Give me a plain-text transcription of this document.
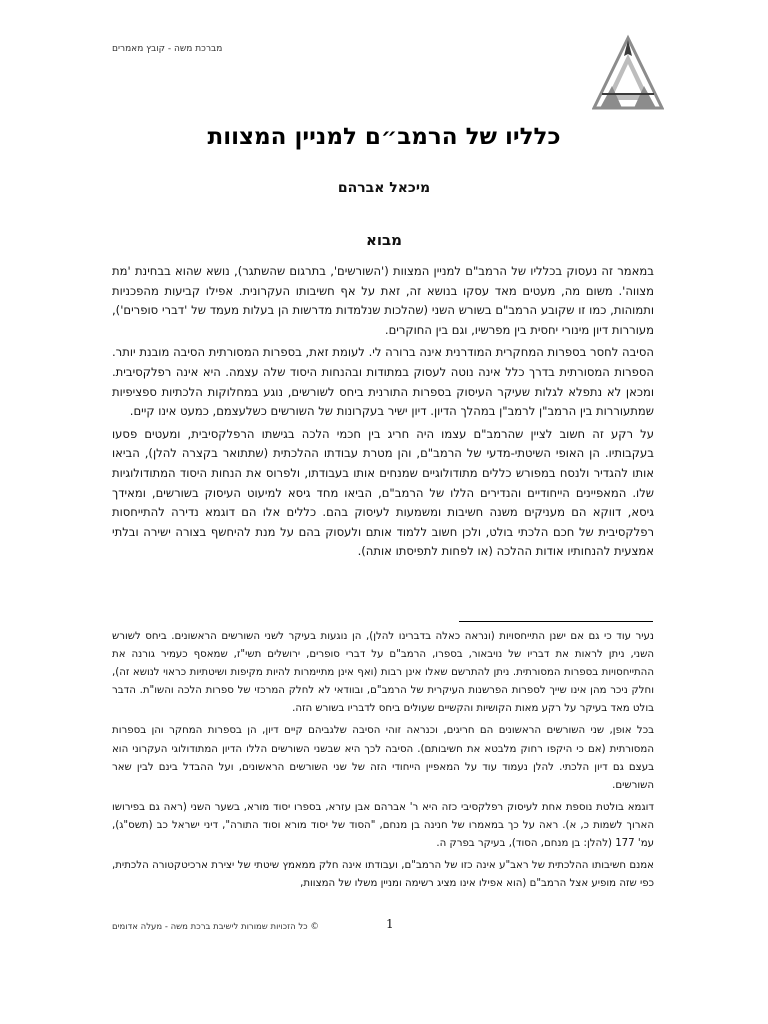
מברכת משה - קובץ מאמרים
כלליו של הרמב״ם למניין המצוות
מיכאל אברהם
מבוא

במאמר זה נעסוק בכלליו של הרמב"ם למניין המצוות ('השורשים', בתרגום שהשתגר), נושא שהוא בבחינת 'מת מצווה'. משום מה, מעטים מאד עסקו בנושא זה, זאת על אף חשיבותו העקרונית. אפילו קביעות מהפכניות ותמוהות, כמו זו שקובע הרמב"ם בשורש השני (שהלכות שנלמדות מדרשות הן בעלות מעמד של 'דברי סופרים'), מעוררות דיון מינורי יחסית בין מפרשיו, וגם בין החוקרים.

הסיבה לחסר בספרות המחקרית המודרנית אינה ברורה לי. לעומת זאת, בספרות המסורתית הסיבה מובנת יותר. הספרות המסורתית בדרך כלל אינה נוטה לעסוק במתודות ובהנחות היסוד שלה עצמה. היא אינה רפלקסיבית. ומכאן לא נתפלא לגלות שעיקר העיסוק בספרות התורנית ביחס לשורשים, נוגע במחלוקות הלכתיות ספציפיות שמתעוררות בין הרמב"ן לרמב"ן במהלך הדיון. דיון ישיר בעקרונות של השורשים כשלעצמם, כמעט אינו קיים.

על רקע זה חשוב לציין שהרמב"ם עצמו היה חריג בין חכמי הלכה בגישתו הרפלקסיבית, ומעטים פסעו בעקבותיו. הן האופי השיטתי-מדעי של הרמב"ם, והן מטרת עבודתו ההלכתית (שתתואר בקצרה להלן), הביאו אותו להגדיר ולנסח במפורש כללים מתודולוגיים שמנחים אותו בעבודתו, ולפרוס את הנחות היסוד המתודולוגיות שלו. המאפיינים הייחודיים והנדירים הללו של הרמב"ם, הביאו מחד גיסא למיעוט העיסוק בשורשים, ומאידך גיסא, דווקא הם מעניקים משנה חשיבות ומשמעות לעיסוק בהם. כללים אלו הם דוגמא נדירה להתייחסות רפלקסיבית של חכם הלכתי בולט, ולכן חשוב ללמוד אותם ולעסוק בהם על מנת להיחשף בצורה ישירה ובלתי אמצעית להנחותיו אודות ההלכה (או לפחות לתפיסתו אותה).

נעיר עוד כי גם אם ישנן התייחסויות (ונראה כאלה בדברינו להלן), הן נוגעות בעיקר לשני השורשים הראשונים. ביחס לשורש השני, ניתן לראות את דבריו של נויבאור, בספרו, הרמב"ם על דברי סופרים, ירושלים תשי"ז, שמאסף כעמיר גורנה את ההתייחסויות בספרות המסורתית. ניתן להתרשם שאלו אינן רבות (ואף אינן מתיימרות להיות מקיפות ושיטתיות כראוי לנושא זה), וחלק ניכר מהן אינו שייך לספרות הפרשנות העיקרית של הרמב"ם, ובוודאי לא לחלק המרכזי של ספרות הלכה והשו"ת. הדבר בולט מאד בעיקר על רקע מאות הקושיות והקשיים שעולים ביחס לדבריו בשורש הזה.

בכל אופן, שני השורשים הראשונים הם חריגים, וכנראה זוהי הסיבה שלגביהם קיים דיון, הן בספרות המחקר והן בספרות המסורתית (אם כי היקפו רחוק מלבטא את חשיבותם). הסיבה לכך היא שבשני השורשים הללו הדיון המתודולוגי העקרוני הוא בעצם גם דיון הלכתי. להלן נעמוד עוד על המאפיין הייחודי הזה של שני השורשים הראשונים, ועל ההבדל בינם לבין שאר השורשים.

דוגמא בולטת נוספת אחת לעיסוק רפלקסיבי כזה היא ר' אברהם אבן עזרא, בספרו יסוד מורא, בשער השני (ראה גם בפירושו הארוך לשמות כ, א). ראה על כך במאמרו של חנינה בן מנחם, "הסוד של יסוד מורא וסוד התורה", דיני ישראל כב (תשס"ג), עמ' 177 (להלן: בן מנחם, הסוד), בעיקר בפרק ה.

אמנם חשיבותו ההלכתית של ראב"ע אינה כזו של הרמב"ם, ועבודתו אינה חלק ממאמץ שיטתי של יצירת ארכיטקטורה הלכתית, כפי שזה מופיע אצל הרמב"ם (הוא אפילו אינו מציג רשימה ומניין משלו של המצוות,

© כל הזכויות שמורות לישיבת ברכת משה - מעלה אדומים	1
